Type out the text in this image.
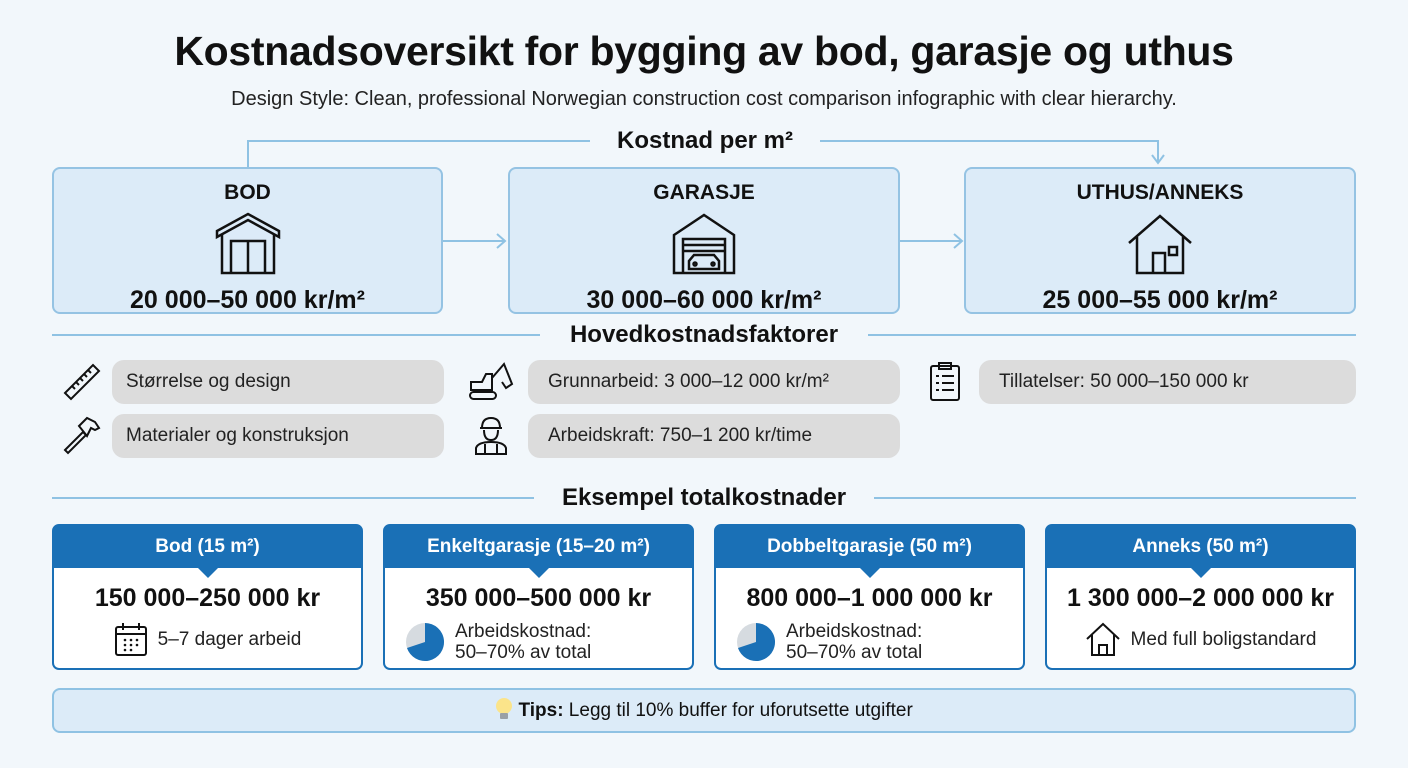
Kostnadsoversikt for bygging av bod, garasje og uthus
Design Style: Clean, professional Norwegian construction cost comparison infographic with clear hierarchy.
Kostnad per m²
BOD
20 000–50 000 kr/m²
GARASJE
30 000–60 000 kr/m²
UTHUS/ANNEKS
25 000–55 000 kr/m²
Hovedkostnadsfaktorer
Størrelse og design
Materialer og konstruksjon
Grunnarbeid: 3 000–12 000 kr/m²
Arbeidskraft: 750–1 200 kr/time
Tillatelser: 50 000–150 000 kr
Eksempel totalkostnader
Bod (15 m²)
150 000–250 000 kr
5–7 dager arbeid
Enkeltgarasje (15–20 m²)
350 000–500 000 kr
Arbeidskostnad:
50–70% av total
Dobbeltgarasje (50 m²)
800 000–1 000 000 kr
Arbeidskostnad:
50–70% av total
Anneks (50 m²)
1 300 000–2 000 000 kr
Med full boligstandard
Tips: Legg til 10% buffer for uforutsette utgifter
